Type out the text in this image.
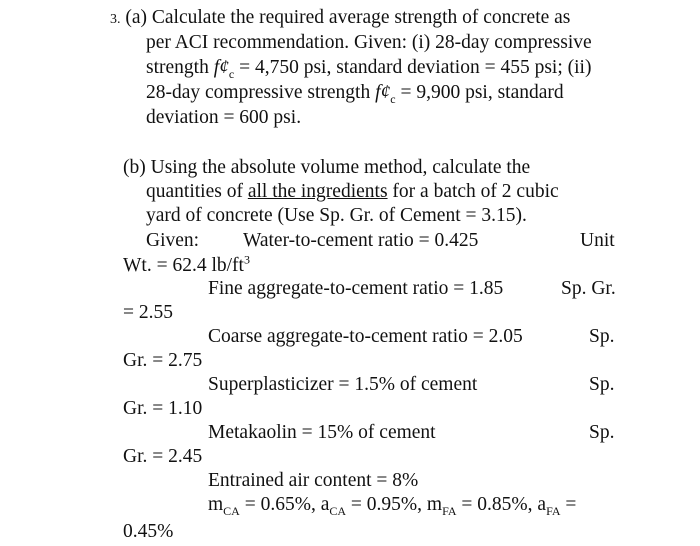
3. (a) Calculate the required average strength of concrete as
per ACI recommendation. Given: (i) 28-day compressive
strength $f¢_c = 4,750$ psi, standard deviation = 455 psi; (ii)
28-day compressive strength $f¢_c = 9,900$ psi, standard
deviation = 600 psi.
(b) Using the absolute volume method, calculate the
quantities of all the ingredients for a batch of 2 cubic
yard of concrete (Use Sp. Gr. of Cement = 3.15).
Given: Water-to-cement ratio = 0.425	Unit
Wt. = 62.4 $lb/ft^3$
Fine aggregate-to-cement ratio = 1.85	Sp. Gr.
= 2.55
Coarse aggregate-to-cement ratio = 2.05	Sp.
Gr. = 2.75
Superplasticizer = 1.5% of cement	Sp.
Gr. = 1.10
Metakaolin = 15% of cement	Sp.
Gr. = 2.45
Entrained air content = 8%
$m_{CA} = 0.65\%$, $a_{CA} = 0.95\%$, $m_{FA} = 0.85\%$, $a_{FA}$ =
0.45%
